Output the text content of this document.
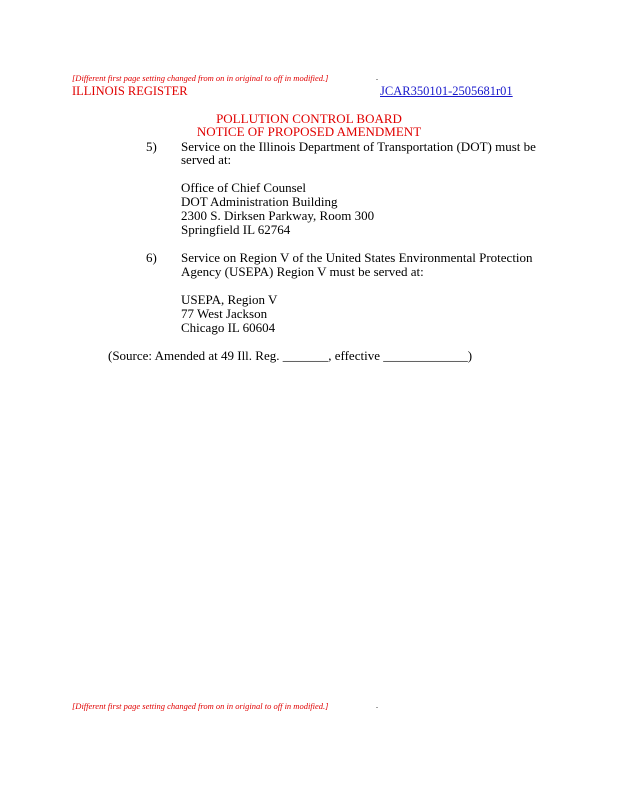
[Different first page setting changed from on in original to off in modified.]	.
ILLINOIS REGISTER	JCAR350101-2505681r01
POLLUTION CONTROL BOARD
NOTICE OF PROPOSED AMENDMENT
5) Service on the Illinois Department of Transportation (DOT) must be
served at:
Office of Chief Counsel
DOT Administration Building
2300 S. Dirksen Parkway, Room 300
Springfield IL 62764
6) Service on Region V of the United States Environmental Protection
Agency (USEPA) Region V must be served at:
USEPA, Region V
77 West Jackson
Chicago IL 60604
(Source: Amended at 49 Ill. Reg. _______, effective _____________)
[Different first page setting changed from on in original to off in modified.]	.
